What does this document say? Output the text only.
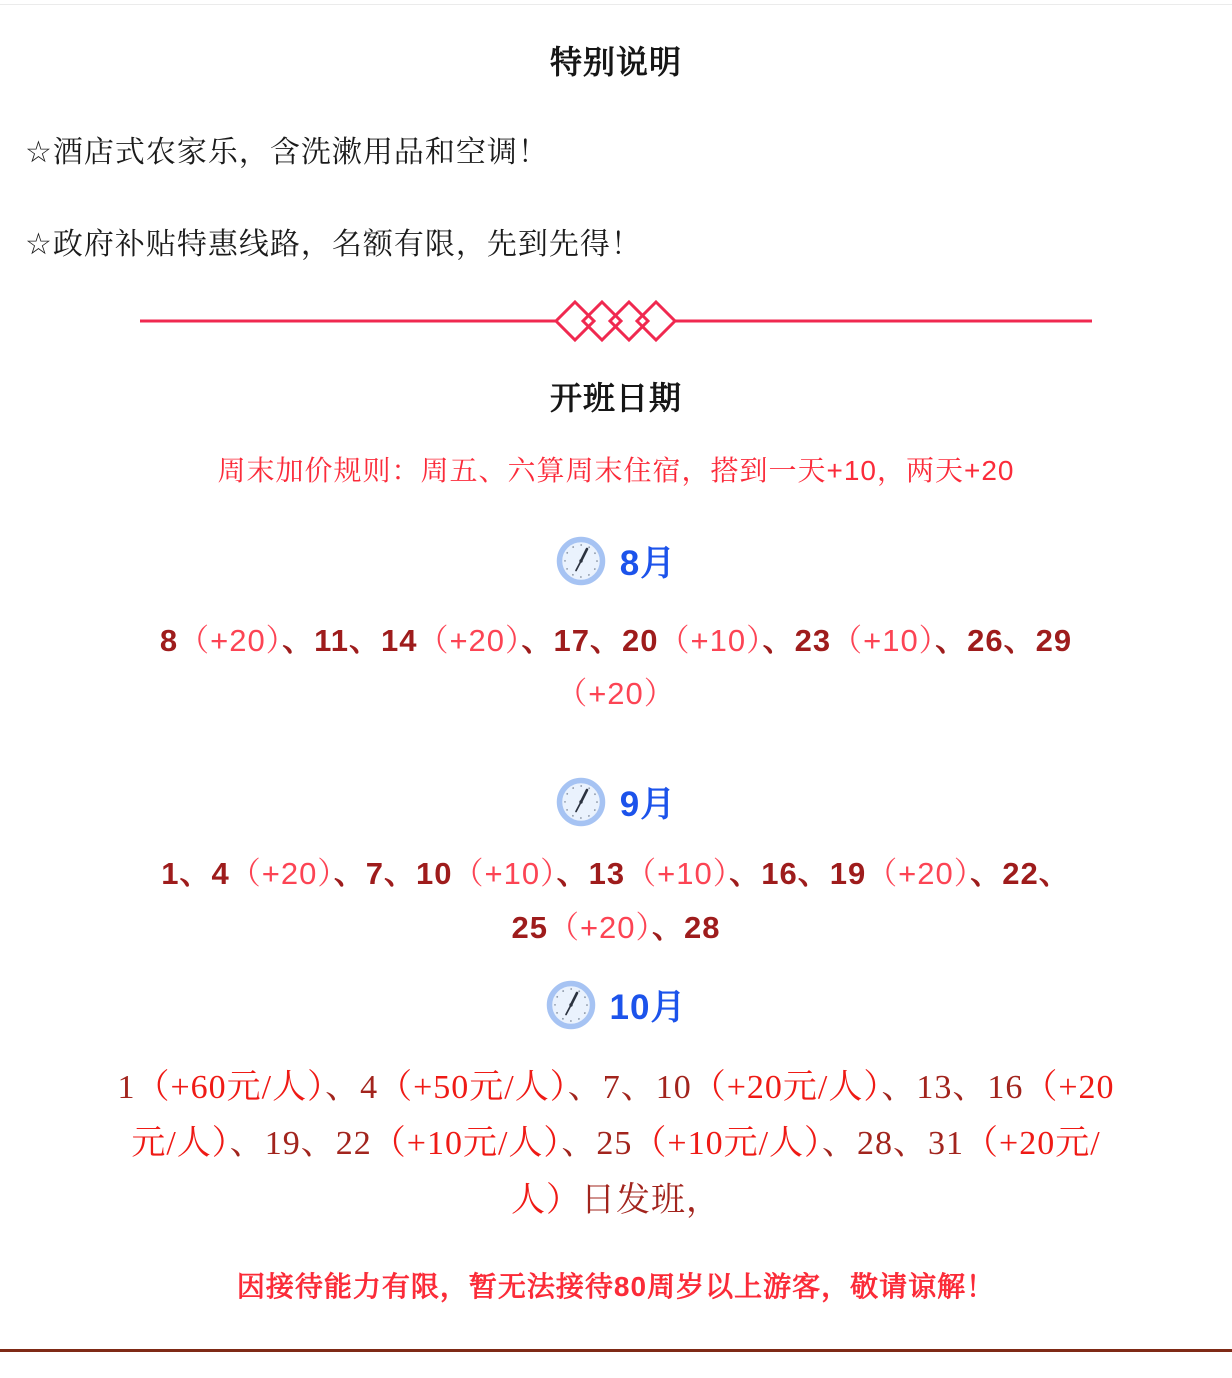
特别说明

☆酒店式农家乐，含洗漱用品和空调！

☆政府补贴特惠线路，名额有限，先到先得！

开班日期

周末加价规则：周五、六算周末住宿，搭到一天+10，两天+20

8月

8（+20）、11、14（+20）、17、20（+10）、23（+10）、26、29
（+20）

9月

1、4（+20）、7、10（+10）、13（+10）、16、19（+20）、22、
25（+20）、28

10月

1（+60元/人）、4（+50元/人）、7、10（+20元/人）、13、16（+20
元/人）、19、22（+10元/人）、25（+10元/人）、28、31（+20元/
人）日发班，

因接待能力有限，暂无法接待80周岁以上游客，敬请谅解！
